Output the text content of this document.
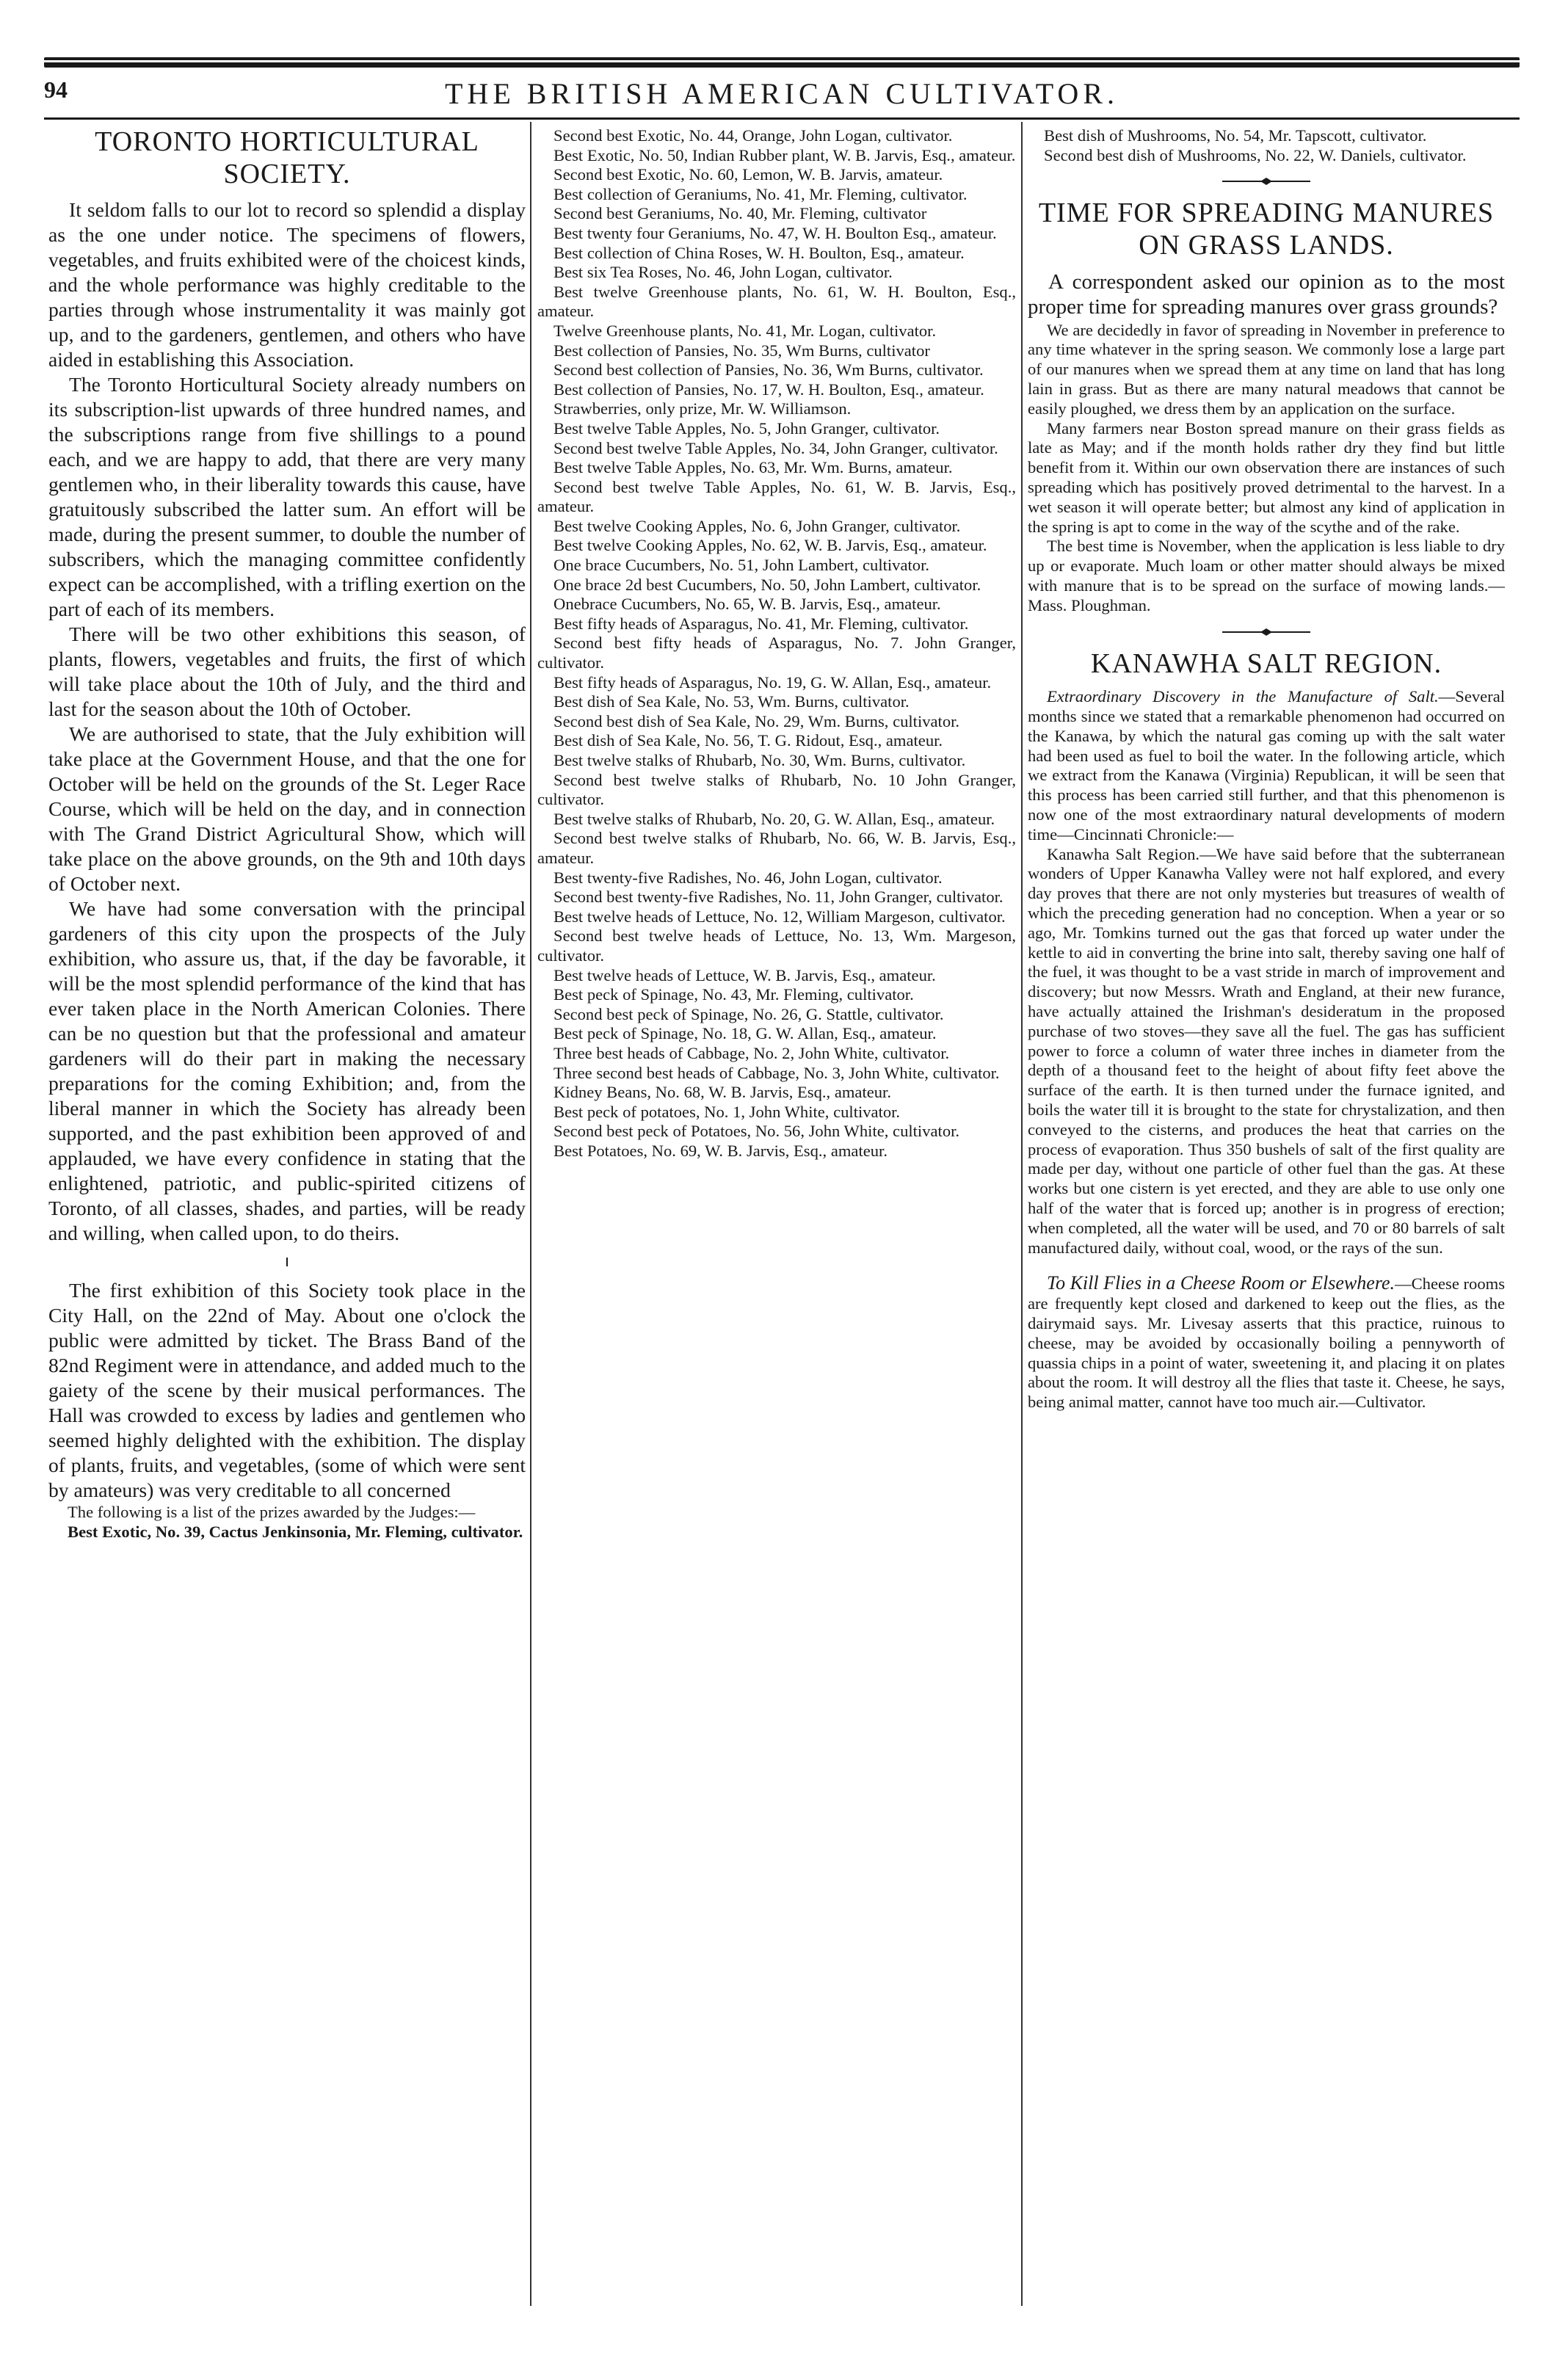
94	THE BRITISH AMERICAN CULTIVATOR.
TORONTO HORTICULTURAL SOCIETY.

It seldom falls to our lot to record so splendid a display as the one under notice. The specimens of flowers, vegetables, and fruits exhibited were of the choicest kinds, and the whole performance was highly creditable to the parties through whose instrumentality it was mainly got up, and to the gardeners, gentlemen, and others who have aided in establishing this Association.

The Toronto Horticultural Society already numbers on its subscription-list upwards of three hundred names, and the subscriptions range from five shillings to a pound each, and we are happy to add, that there are very many gentlemen who, in their liberality towards this cause, have gratuitously subscribed the latter sum. An effort will be made, during the present summer, to double the number of subscribers, which the managing committee confidently expect can be accomplished, with a trifling exertion on the part of each of its members.

There will be two other exhibitions this season, of plants, flowers, vegetables and fruits, the first of which will take place about the 10th of July, and the third and last for the season about the 10th of October.

We are authorised to state, that the July exhibition will take place at the Government House, and that the one for October will be held on the grounds of the St. Leger Race Course, which will be held on the day, and in connection with The Grand District Agricultural Show, which will take place on the above grounds, on the 9th and 10th days of October next.

We have had some conversation with the principal gardeners of this city upon the prospects of the July exhibition, who assure us, that, if the day be favorable, it will be the most splendid performance of the kind that has ever taken place in the North American Colonies. There can be no question but that the professional and amateur gardeners will do their part in making the necessary preparations for the coming Exhibition; and, from the liberal manner in which the Society has already been supported, and the past exhibition been approved of and applauded, we have every confidence in stating that the enlightened, patriotic, and public-spirited citizens of Toronto, of all classes, shades, and parties, will be ready and willing, when called upon, to do theirs.

The first exhibition of this Society took place in the City Hall, on the 22nd of May. About one o'clock the public were admitted by ticket. The Brass Band of the 82nd Regiment were in attendance, and added much to the gaiety of the scene by their musical performances. The Hall was crowded to excess by ladies and gentlemen who seemed highly delighted with the exhibition. The display of plants, fruits, and vegetables, (some of which were sent by amateurs) was very creditable to all concerned

The following is a list of the prizes awarded by the Judges:—

Best Exotic, No. 39, Cactus Jenkinsonia, Mr. Fleming, cultivator.

Second best Exotic, No. 44, Orange, John Logan, cultivator.

Best Exotic, No. 50, Indian Rubber plant, W. B. Jarvis, Esq., amateur.

Second best Exotic, No. 60, Lemon, W. B. Jarvis, amateur.

Best collection of Geraniums, No. 41, Mr. Fleming, cultivator.

Second best Geraniums, No. 40, Mr. Fleming, cultivator

Best twenty four Geraniums, No. 47, W. H. Boulton Esq., amateur.

Best collection of China Roses, W. H. Boulton, Esq., amateur.

Best six Tea Roses, No. 46, John Logan, cultivator.

Best twelve Greenhouse plants, No. 61, W. H. Boulton, Esq., amateur.

Twelve Greenhouse plants, No. 41, Mr. Logan, cultivator.

Best collection of Pansies, No. 35, Wm Burns, cultivator

Second best collection of Pansies, No. 36, Wm Burns, cultivator.

Best collection of Pansies, No. 17, W. H. Boulton, Esq., amateur.

Strawberries, only prize, Mr. W. Williamson.

Best twelve Table Apples, No. 5, John Granger, cultivator.

Second best twelve Table Apples, No. 34, John Granger, cultivator.

Best twelve Table Apples, No. 63, Mr. Wm. Burns, amateur.

Second best twelve Table Apples, No. 61, W. B. Jarvis, Esq., amateur.

Best twelve Cooking Apples, No. 6, John Granger, cultivator.

Best twelve Cooking Apples, No. 62, W. B. Jarvis, Esq., amateur.

One brace Cucumbers, No. 51, John Lambert, cultivator.

One brace 2d best Cucumbers, No. 50, John Lambert, cultivator.

Onebrace Cucumbers, No. 65, W. B. Jarvis, Esq., amateur.

Best fifty heads of Asparagus, No. 41, Mr. Fleming, cultivator.

Second best fifty heads of Asparagus, No. 7. John Granger, cultivator.

Best fifty heads of Asparagus, No. 19, G. W. Allan, Esq., amateur.

Best dish of Sea Kale, No. 53, Wm. Burns, cultivator.

Second best dish of Sea Kale, No. 29, Wm. Burns, cultivator.

Best dish of Sea Kale, No. 56, T. G. Ridout, Esq., amateur.

Best twelve stalks of Rhubarb, No. 30, Wm. Burns, cultivator.

Second best twelve stalks of Rhubarb, No. 10 John Granger, cultivator.

Best twelve stalks of Rhubarb, No. 20, G. W. Allan, Esq., amateur.

Second best twelve stalks of Rhubarb, No. 66, W. B. Jarvis, Esq., amateur.

Best twenty-five Radishes, No. 46, John Logan, cultivator.

Second best twenty-five Radishes, No. 11, John Granger, cultivator.

Best twelve heads of Lettuce, No. 12, William Margeson, cultivator.

Second best twelve heads of Lettuce, No. 13, Wm. Margeson, cultivator.

Best twelve heads of Lettuce, W. B. Jarvis, Esq., amateur.

Best peck of Spinage, No. 43, Mr. Fleming, cultivator.

Second best peck of Spinage, No. 26, G. Stattle, cultivator.

Best peck of Spinage, No. 18, G. W. Allan, Esq., amateur.

Three best heads of Cabbage, No. 2, John White, cultivator.

Three second best heads of Cabbage, No. 3, John White, cultivator.

Kidney Beans, No. 68, W. B. Jarvis, Esq., amateur.

Best peck of potatoes, No. 1, John White, cultivator.

Second best peck of Potatoes, No. 56, John White, cultivator.

Best Potatoes, No. 69, W. B. Jarvis, Esq., amateur.

Best dish of Mushrooms, No. 54, Mr. Tapscott, cultivator.

Second best dish of Mushrooms, No. 22, W. Daniels, cultivator.

TIME FOR SPREADING MANURES ON GRASS LANDS.

A correspondent asked our opinion as to the most proper time for spreading manures over grass grounds?

We are decidedly in favor of spreading in November in preference to any time whatever in the spring season. We commonly lose a large part of our manures when we spread them at any time on land that has long lain in grass. But as there are many natural meadows that cannot be easily ploughed, we dress them by an application on the surface.

Many farmers near Boston spread manure on their grass fields as late as May; and if the month holds rather dry they find but little benefit from it. Within our own observation there are instances of such spreading which has positively proved detrimental to the harvest. In a wet season it will operate better; but almost any kind of application in the spring is apt to come in the way of the scythe and of the rake.

The best time is November, when the application is less liable to dry up or evaporate. Much loam or other matter should always be mixed with manure that is to be spread on the surface of mowing lands.—Mass. Ploughman.

KANAWHA SALT REGION.

Extraordinary Discovery in the Manufacture of Salt.—Several months since we stated that a remarkable phenomenon had occurred on the Kanawa, by which the natural gas coming up with the salt water had been used as fuel to boil the water. In the following article, which we extract from the Kanawa (Virginia) Republican, it will be seen that this process has been carried still further, and that this phenomenon is now one of the most extraordinary natural developments of modern time—Cincinnati Chronicle:—

Kanawha Salt Region.—We have said before that the subterranean wonders of Upper Kanawha Valley were not half explored, and every day proves that there are not only mysteries but treasures of wealth of which the preceding generation had no conception. When a year or so ago, Mr. Tomkins turned out the gas that forced up water under the kettle to aid in converting the brine into salt, thereby saving one half of the fuel, it was thought to be a vast stride in march of improvement and discovery; but now Messrs. Wrath and England, at their new furance, have actually attained the Irishman's desideratum in the proposed purchase of two stoves—they save all the fuel. The gas has sufficient power to force a column of water three inches in diameter from the depth of a thousand feet to the height of about fifty feet above the surface of the earth. It is then turned under the furnace ignited, and boils the water till it is brought to the state for chrystalization, and then conveyed to the cisterns, and produces the heat that carries on the process of evaporation. Thus 350 bushels of salt of the first quality are made per day, without one particle of other fuel than the gas. At these works but one cistern is yet erected, and they are able to use only one half of the water that is forced up; another is in progress of erection; when completed, all the water will be used, and 70 or 80 barrels of salt manufactured daily, without coal, wood, or the rays of the sun.

To Kill Flies in a Cheese Room or Elsewhere.—Cheese rooms are frequently kept closed and darkened to keep out the flies, as the dairymaid says. Mr. Livesay asserts that this practice, ruinous to cheese, may be avoided by occasionally boiling a pennyworth of quassia chips in a point of water, sweetening it, and placing it on plates about the room. It will destroy all the flies that taste it. Cheese, he says, being animal matter, cannot have too much air.—Cultivator.
